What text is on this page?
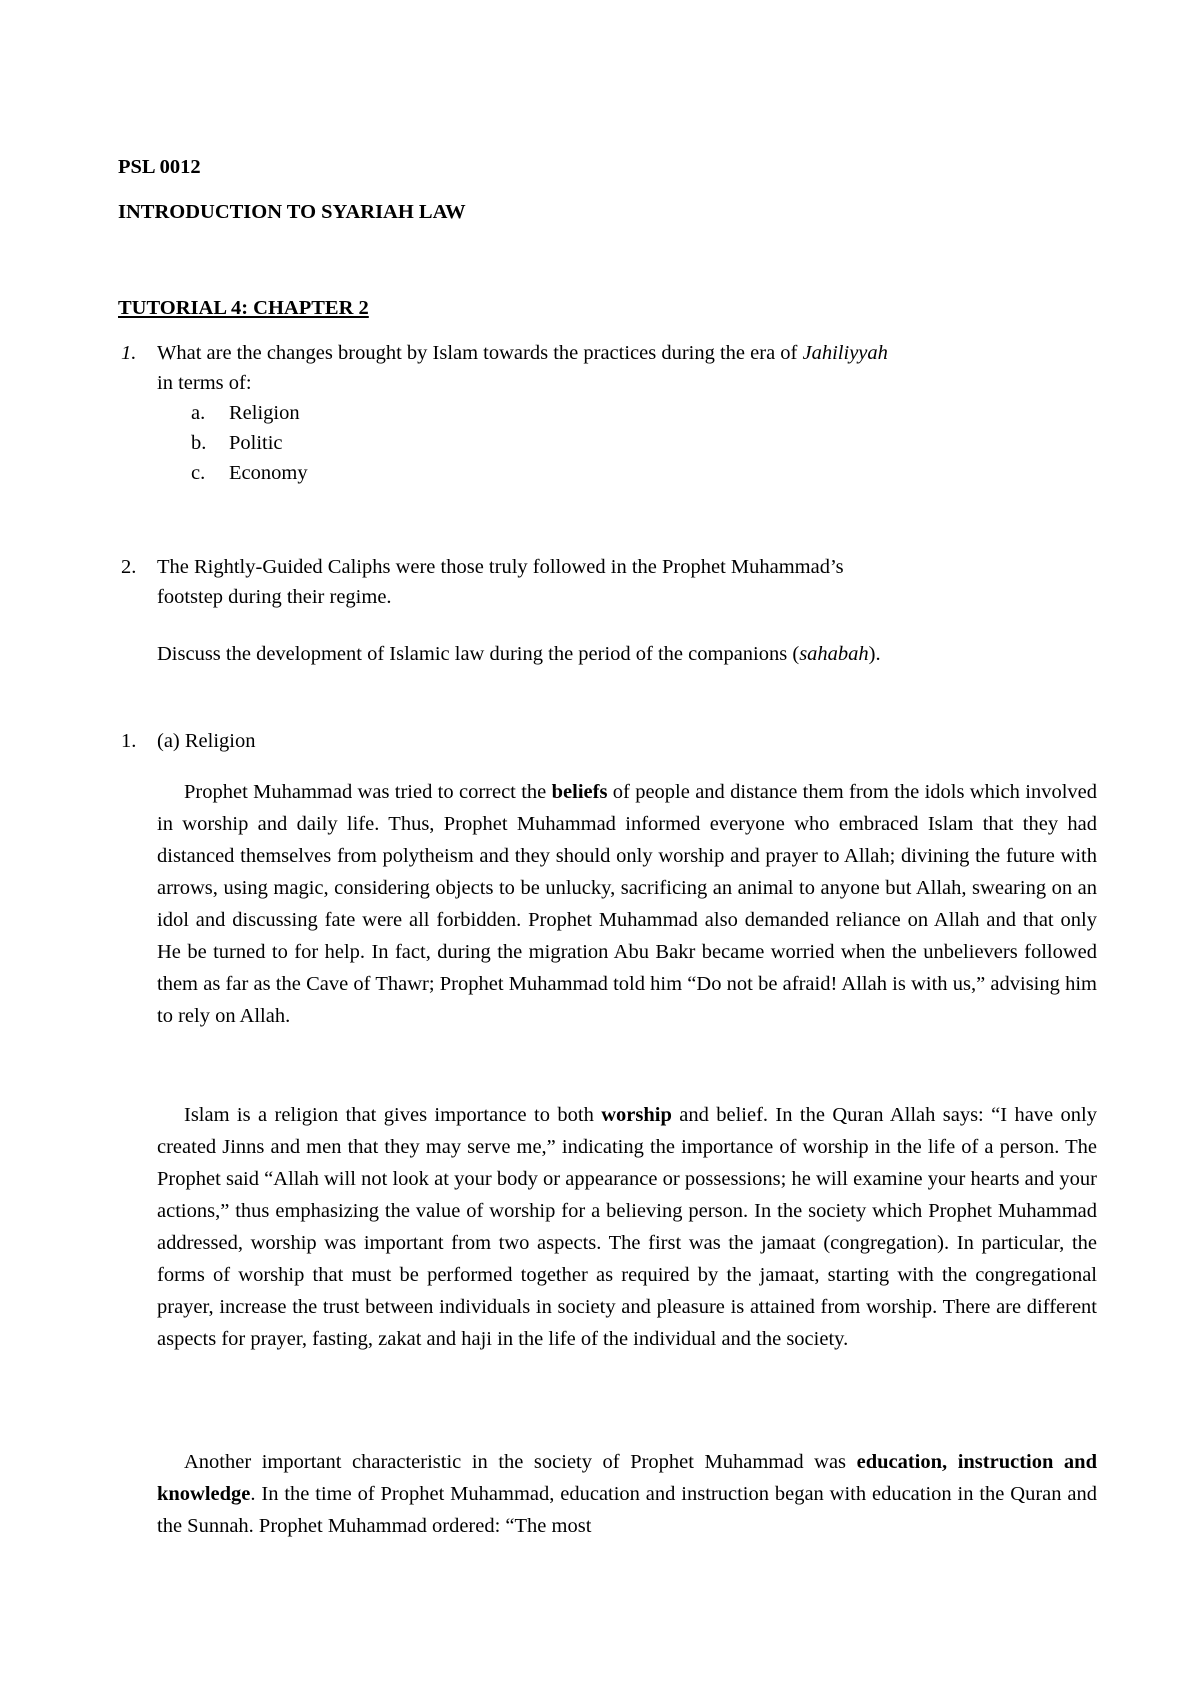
PSL 0012
INTRODUCTION TO SYARIAH LAW
TUTORIAL 4: CHAPTER 2
1. What are the changes brought by Islam towards the practices during the era of Jahiliyyah
in terms of:
a. Religion
b. Politic
c. Economy
2. The Rightly-Guided Caliphs were those truly followed in the Prophet Muhammad’s
footstep during their regime.
Discuss the development of Islamic law during the period of the companions (sahabah).
1. (a) Religion

Prophet Muhammad was tried to correct the beliefs of people and distance them from the idols which involved in worship and daily life. Thus, Prophet Muhammad informed everyone who embraced Islam that they had distanced themselves from polytheism and they should only worship and prayer to Allah; divining the future with arrows, using magic, considering objects to be unlucky, sacrificing an animal to anyone but Allah, swearing on an idol and discussing fate were all forbidden. Prophet Muhammad also demanded reliance on Allah and that only He be turned to for help. In fact, during the migration Abu Bakr became worried when the unbelievers followed them as far as the Cave of Thawr; Prophet Muhammad told him “Do not be afraid! Allah is with us,” advising him to rely on Allah.

Islam is a religion that gives importance to both worship and belief. In the Quran Allah says: “I have only created Jinns and men that they may serve me,” indicating the importance of worship in the life of a person. The Prophet said “Allah will not look at your body or appearance or possessions; he will examine your hearts and your actions,” thus emphasizing the value of worship for a believing person. In the society which Prophet Muhammad addressed, worship was important from two aspects. The first was the jamaat (congregation). In particular, the forms of worship that must be performed together as required by the jamaat, starting with the congregational prayer, increase the trust between individuals in society and pleasure is attained from worship. There are different aspects for prayer, fasting, zakat and haji in the life of the individual and the society.

Another important characteristic in the society of Prophet Muhammad was education, instruction and knowledge. In the time of Prophet Muhammad, education and instruction began with education in the Quran and the Sunnah. Prophet Muhammad ordered: “The most
